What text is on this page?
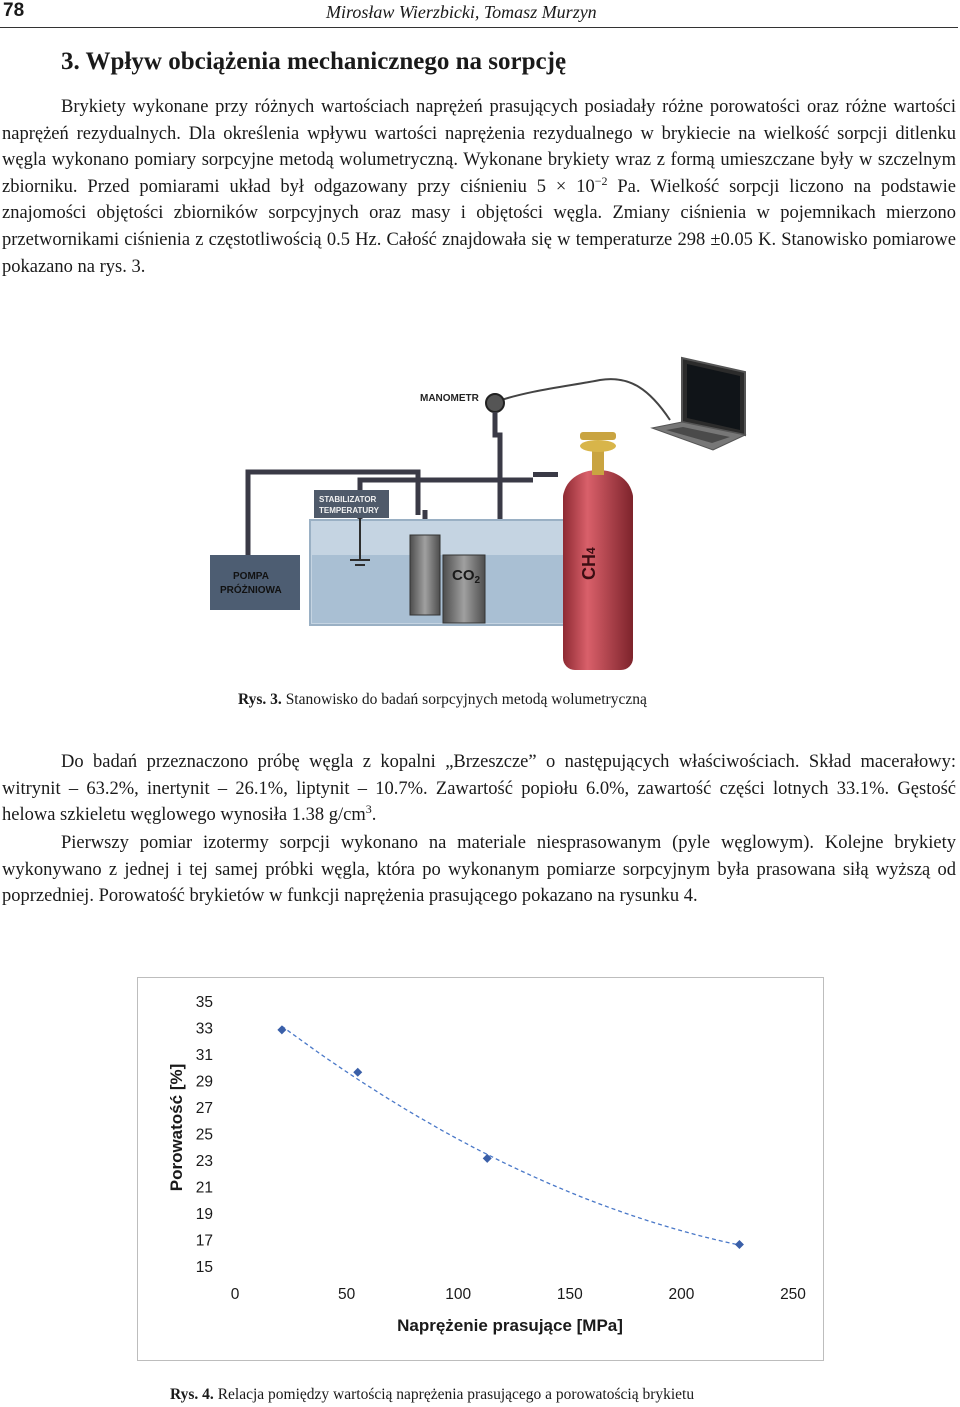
78	Mirosław Wierzbicki, Tomasz Murzyn
3. Wpływ obciążenia mechanicznego na sorpcję

Brykiety wykonane przy różnych wartościach naprężeń prasujących posiadały różne porowatości oraz różne wartości naprężeń rezydualnych. Dla określenia wpływu wartości naprężenia rezydualnego w brykiecie na wielkość sorpcji ditlenku węgla wykonano pomiary sorpcyjne metodą wolumetryczną. Wykonane brykiety wraz z formą umieszczane były w szczelnym zbiorniku. Przed pomiarami układ był odgazowany przy ciśnieniu $5 \times 10^{-2}$ Pa. Wielkość sorpcji liczono na podstawie znajomości objętości zbiorników sorpcyjnych oraz masy i objętości węgla. Zmiany ciśnienia w pojemnikach mierzono przetwornikami ciśnienia z częstotliwością 0.5 Hz. Całość znajdowała się w temperaturze 298 ±0.05 K. Stanowisko pomiarowe pokazano na rys. 3.

MANOMETR
STABILIZATOR
TEMPERATURY
$CO_2$
POMPA
PRÓŻNIOWA
CH4
Rys. 3. Stanowisko do badań sorpcyjnych metodą wolumetryczną

Do badań przeznaczono próbę węgla z kopalni „Brzeszcze” o następujących właściwościach. Skład macerałowy: witrynit – 63.2%, inertynit – 26.1%, liptynit – 10.7%. Zawartość popiołu 6.0%, zawartość części lotnych 33.1%. Gęstość helowa szkieletu węglowego wynosiła 1.38 $g/cm^3$.

Pierwszy pomiar izotermy sorpcji wykonano na materiale niesprasowanym (pyle węglowym). Kolejne brykiety wykonywano z jednej i tej samej próbki węgla, która po wykonanym pomiarze sorpcyjnym była prasowana siłą wyższą od poprzedniej. Porowatość brykietów w funkcji naprężenia prasującego pokazano na rysunku 4.

35
33
31
29
27
25
23
21
19
17
15
0	50	100	150	200	250
Porowatość [%]
Naprężenie prasujące [MPa]
Rys. 4. Relacja pomiędzy wartością naprężenia prasującego a porowatością brykietu
